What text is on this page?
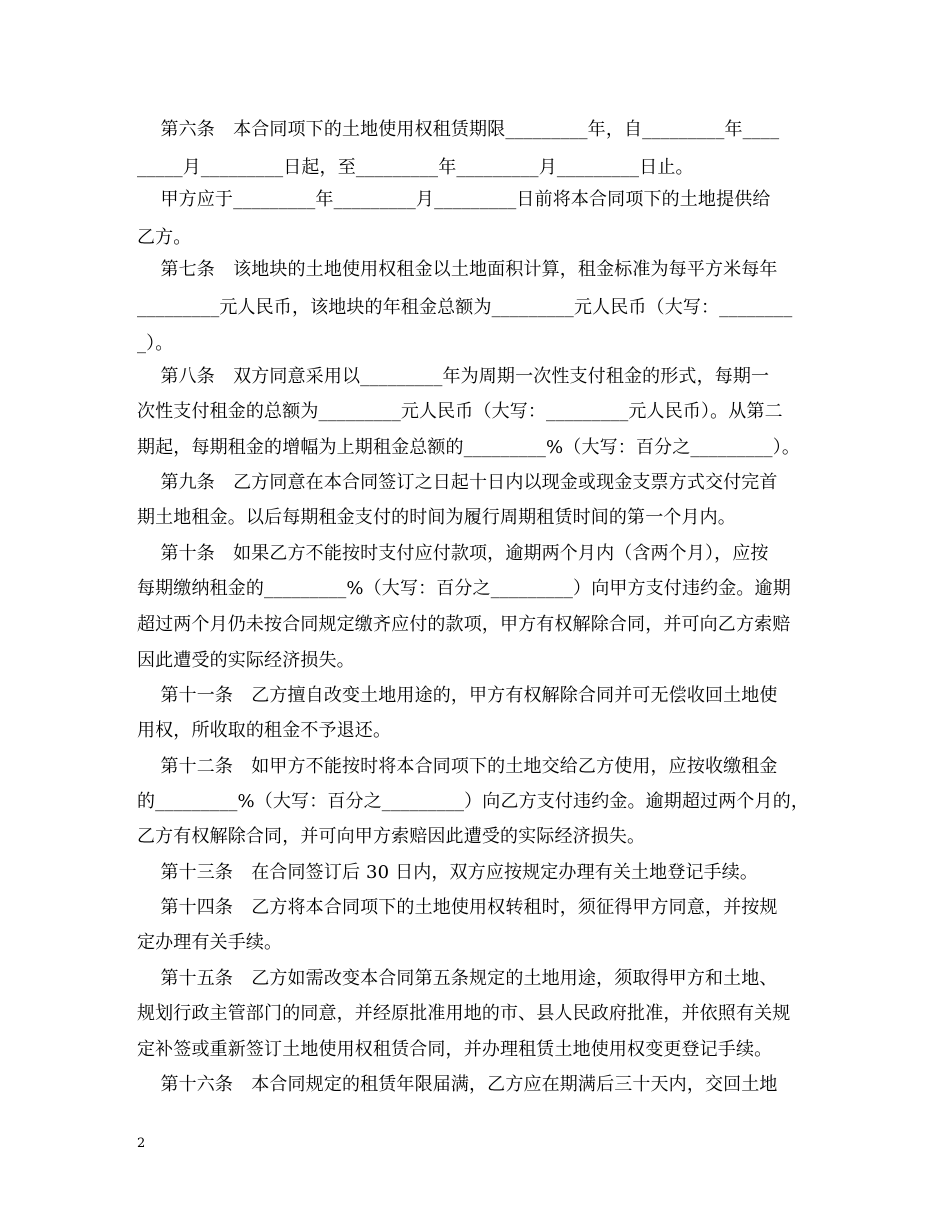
第六条　本合同项下的土地使用权租赁期限_________年，自_________年____
_____月_________日起，至_________年_________月_________日止。
甲方应于_________年_________月_________日前将本合同项下的土地提供给
乙方。
第七条　该地块的土地使用权租金以土地面积计算，租金标准为每平方米每年
_________元人民币，该地块的年租金总额为_________元人民币（大写：________
_）。
第八条　双方同意采用以_________年为周期一次性支付租金的形式，每期一
次性支付租金的总额为_________元人民币（大写：_________元人民币）。从第二
期起，每期租金的增幅为上期租金总额的_________%（大写：百分之_________）。
第九条　乙方同意在本合同签订之日起十日内以现金或现金支票方式交付完首
期土地租金。以后每期租金支付的时间为履行周期租赁时间的第一个月内。
第十条　如果乙方不能按时支付应付款项，逾期两个月内（含两个月），应按
每期缴纳租金的_________%（大写：百分之_________）向甲方支付违约金。逾期
超过两个月仍未按合同规定缴齐应付的款项，甲方有权解除合同，并可向乙方索赔
因此遭受的实际经济损失。
第十一条　乙方擅自改变土地用途的，甲方有权解除合同并可无偿收回土地使
用权，所收取的租金不予退还。
第十二条　如甲方不能按时将本合同项下的土地交给乙方使用，应按收缴租金
的_________%（大写：百分之_________）向乙方支付违约金。逾期超过两个月的，
乙方有权解除合同，并可向甲方索赔因此遭受的实际经济损失。
第十三条　在合同签订后 30 日内，双方应按规定办理有关土地登记手续。
第十四条　乙方将本合同项下的土地使用权转租时，须征得甲方同意，并按规
定办理有关手续。
第十五条　乙方如需改变本合同第五条规定的土地用途，须取得甲方和土地、
规划行政主管部门的同意，并经原批准用地的市、县人民政府批准，并依照有关规
定补签或重新签订土地使用权租赁合同，并办理租赁土地使用权变更登记手续。
第十六条　本合同规定的租赁年限届满，乙方应在期满后三十天内，交回土地
2
